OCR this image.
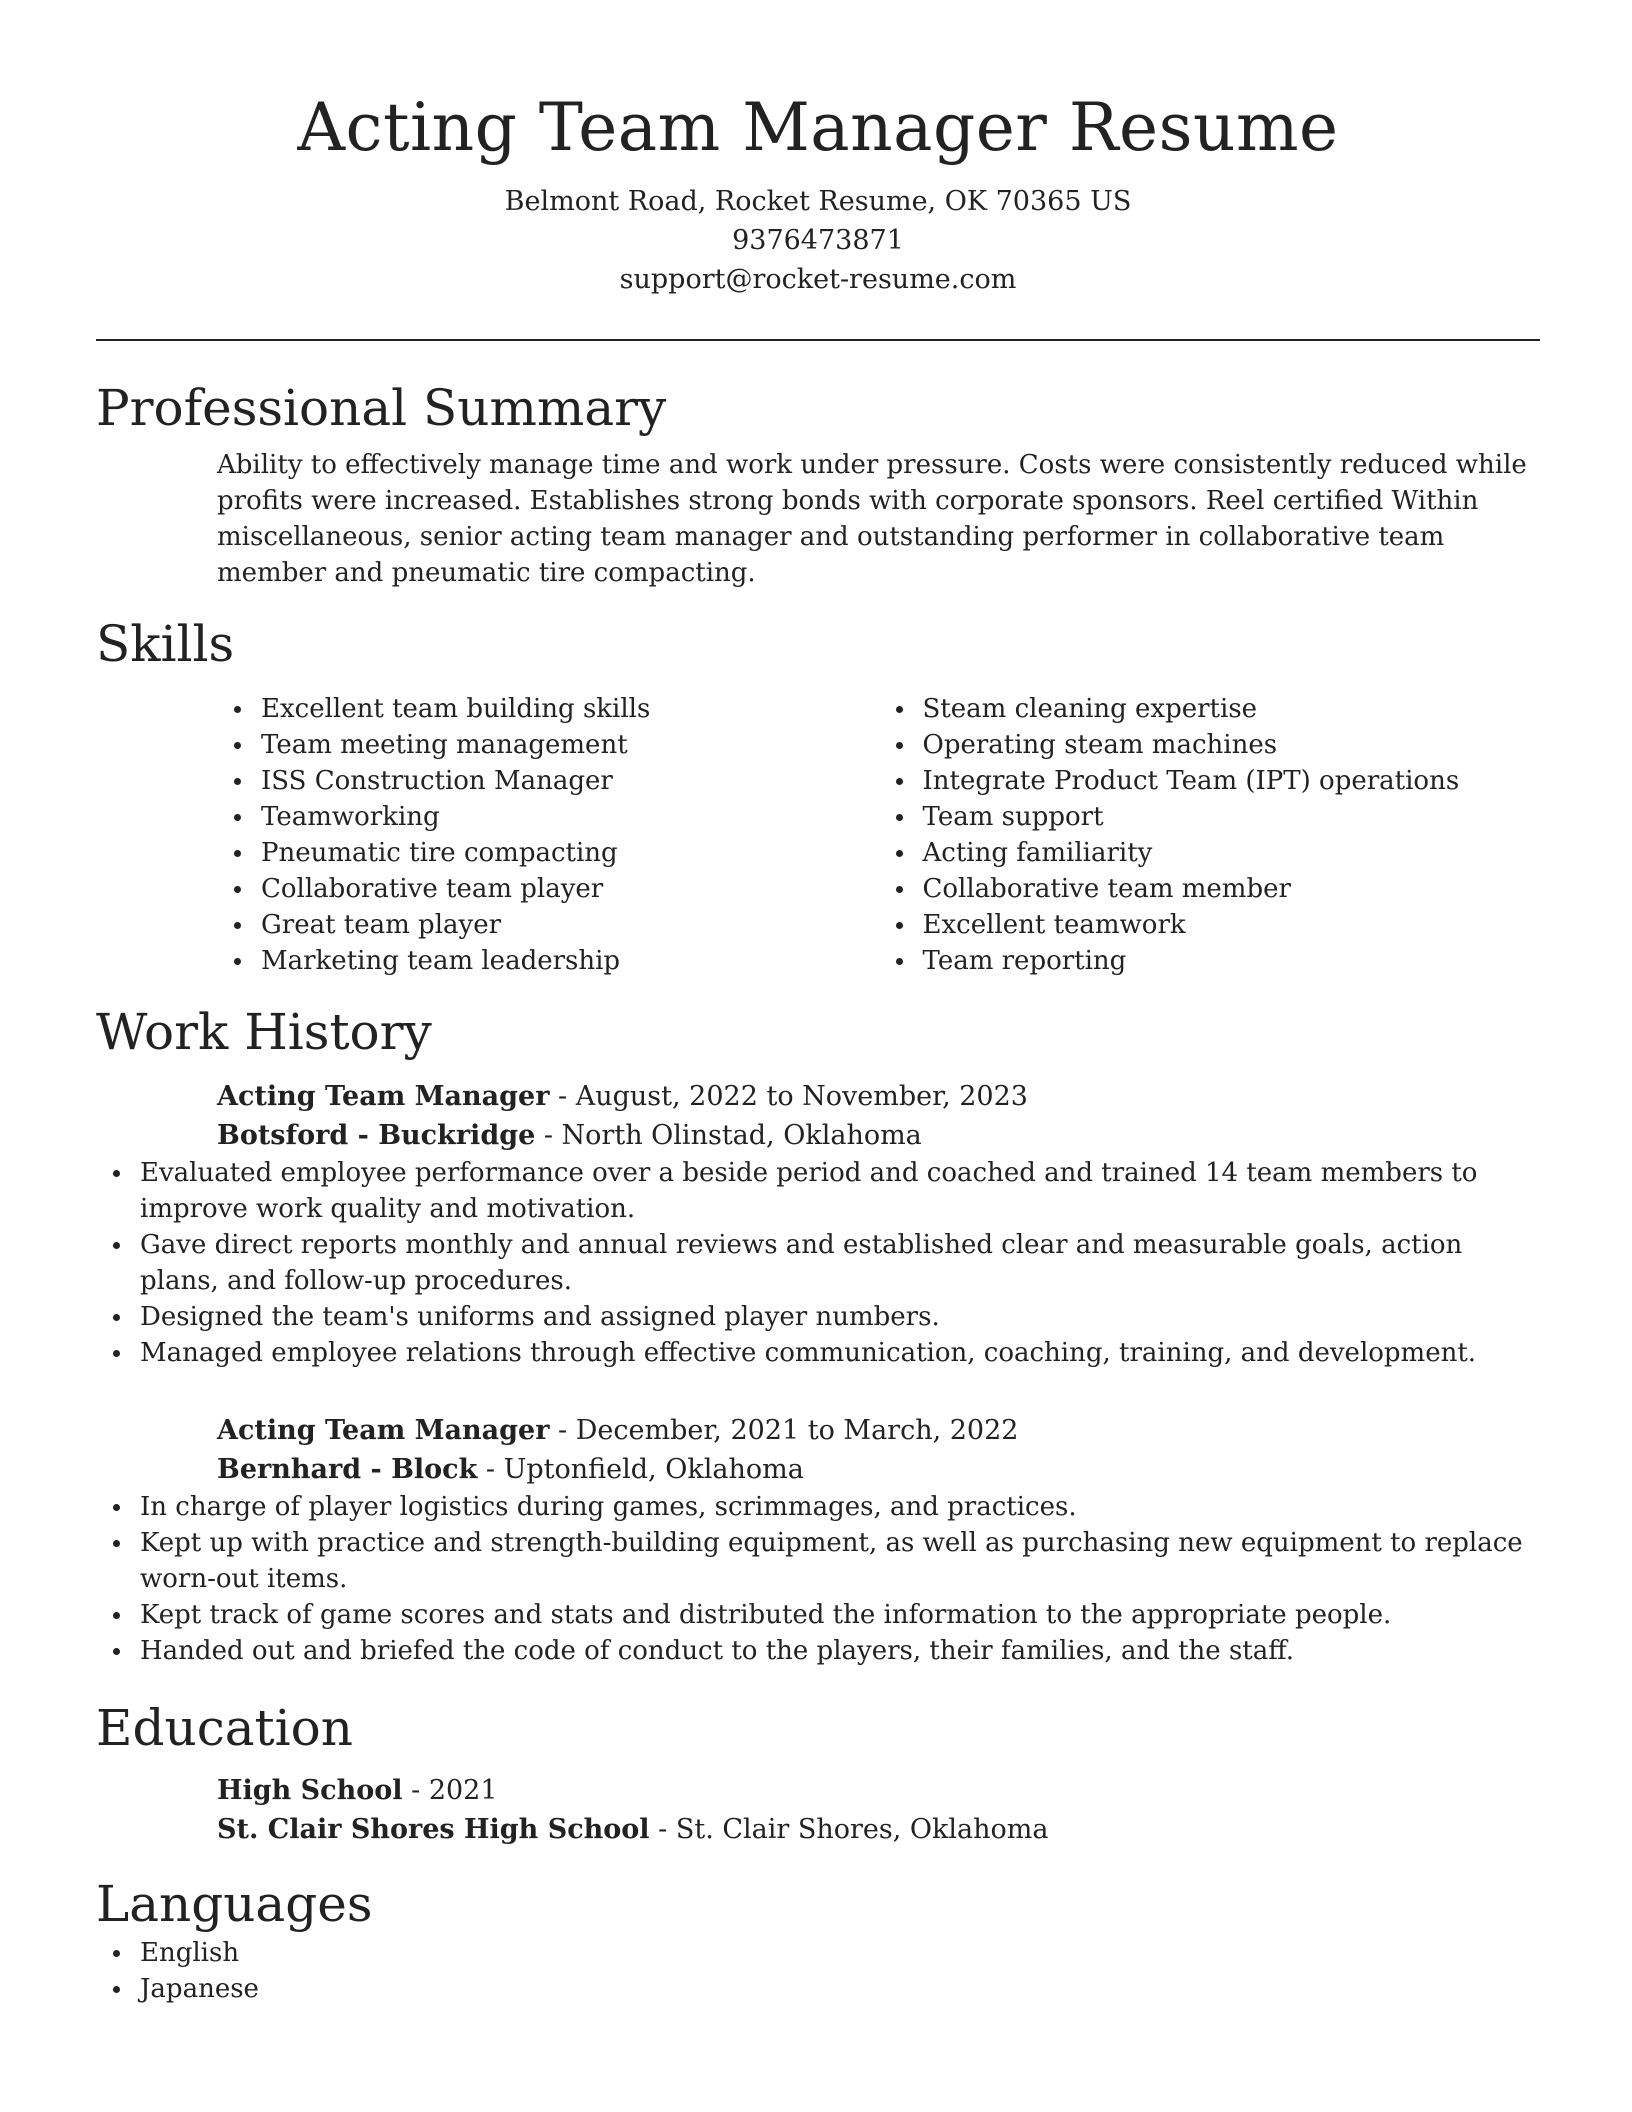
Acting Team Manager Resume
Belmont Road, Rocket Resume, OK 70365 US
9376473871
support@rocket-resume.com
Professional Summary
Ability to effectively manage time and work under pressure. Costs were consistently reduced while profits were increased. Establishes strong bonds with corporate sponsors. Reel certified Within miscellaneous, senior acting team manager and outstanding performer in collaborative team member and pneumatic tire compacting.
Skills
Excellent team building skills
Team meeting management
ISS Construction Manager
Teamworking
Pneumatic tire compacting
Collaborative team player
Great team player
Marketing team leadership
Steam cleaning expertise
Operating steam machines
Integrate Product Team (IPT) operations
Team support
Acting familiarity
Collaborative team member
Excellent teamwork
Team reporting
Work History
Acting Team Manager - August, 2022 to November, 2023
Botsford - Buckridge - North Olinstad, Oklahoma
Evaluated employee performance over a beside period and coached and trained 14 team members to improve work quality and motivation.
Gave direct reports monthly and annual reviews and established clear and measurable goals, action plans, and follow-up procedures.
Designed the team's uniforms and assigned player numbers.
Managed employee relations through effective communication, coaching, training, and development.
Acting Team Manager - December, 2021 to March, 2022
Bernhard - Block - Uptonfield, Oklahoma
In charge of player logistics during games, scrimmages, and practices.
Kept up with practice and strength-building equipment, as well as purchasing new equipment to replace worn-out items.
Kept track of game scores and stats and distributed the information to the appropriate people.
Handed out and briefed the code of conduct to the players, their families, and the staff.
Education
High School - 2021
St. Clair Shores High School - St. Clair Shores, Oklahoma
Languages
English
Japanese
